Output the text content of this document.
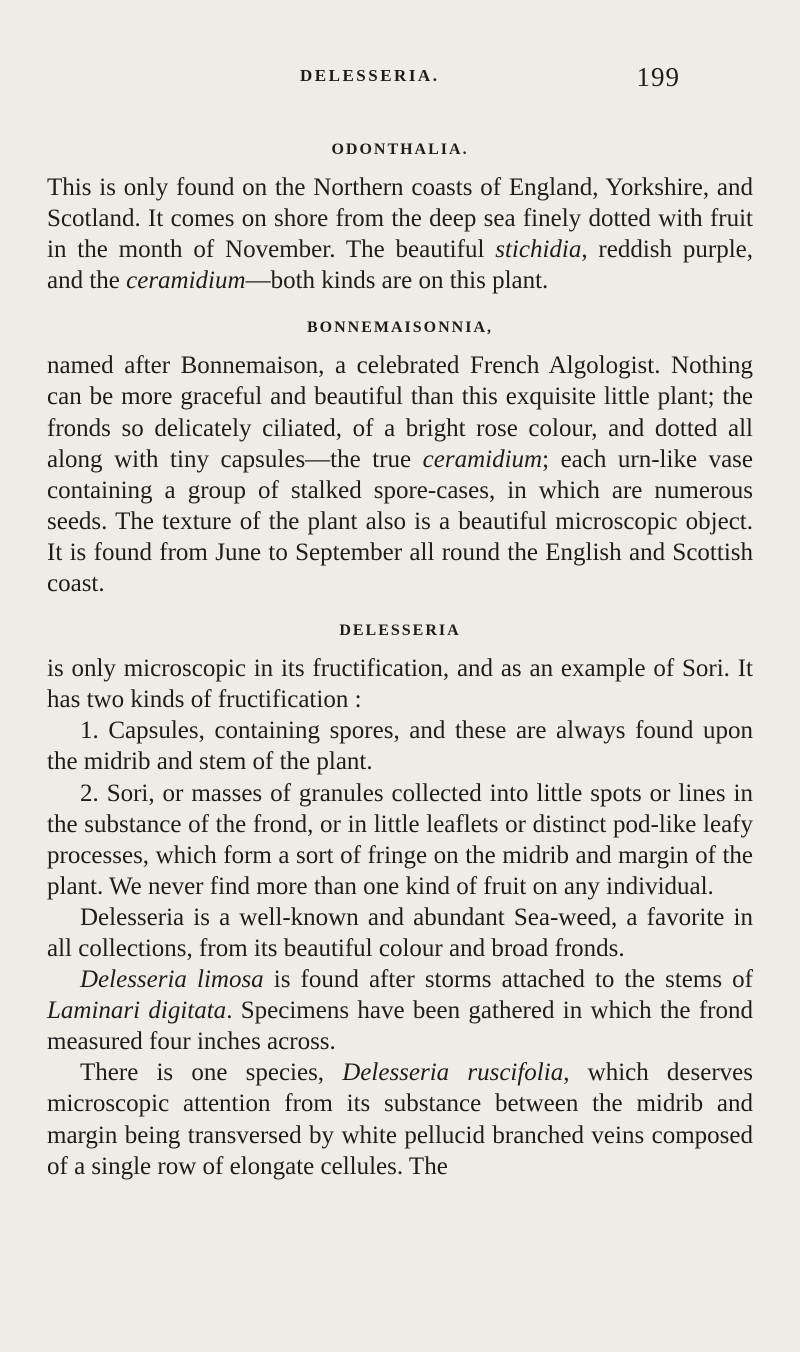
DELESSERIA.	199
ODONTHALIA.

This is only found on the Northern coasts of England, Yorkshire, and Scotland. It comes on shore from the deep sea finely dotted with fruit in the month of November. The beautiful stichidia, reddish purple, and the ceramidium—both kinds are on this plant.

BONNEMAISONNIA,

named after Bonnemaison, a celebrated French Algologist. Nothing can be more graceful and beautiful than this exquisite little plant; the fronds so delicately ciliated, of a bright rose colour, and dotted all along with tiny capsules—the true ceramidium; each urn-like vase containing a group of stalked spore-cases, in which are numerous seeds. The texture of the plant also is a beautiful microscopic object. It is found from June to September all round the English and Scottish coast.

DELESSERIA

is only microscopic in its fructification, and as an example of Sori. It has two kinds of fructification :

1. Capsules, containing spores, and these are always found upon the midrib and stem of the plant.

2. Sori, or masses of granules collected into little spots or lines in the substance of the frond, or in little leaflets or distinct pod-like leafy processes, which form a sort of fringe on the midrib and margin of the plant. We never find more than one kind of fruit on any individual.

Delesseria is a well-known and abundant Sea-weed, a favorite in all collections, from its beautiful colour and broad fronds.

Delesseria limosa is found after storms attached to the stems of Laminari digitata. Specimens have been gathered in which the frond measured four inches across.

There is one species, Delesseria ruscifolia, which deserves microscopic attention from its substance between the midrib and margin being transversed by white pellucid branched veins composed of a single row of elongate cellules. The
